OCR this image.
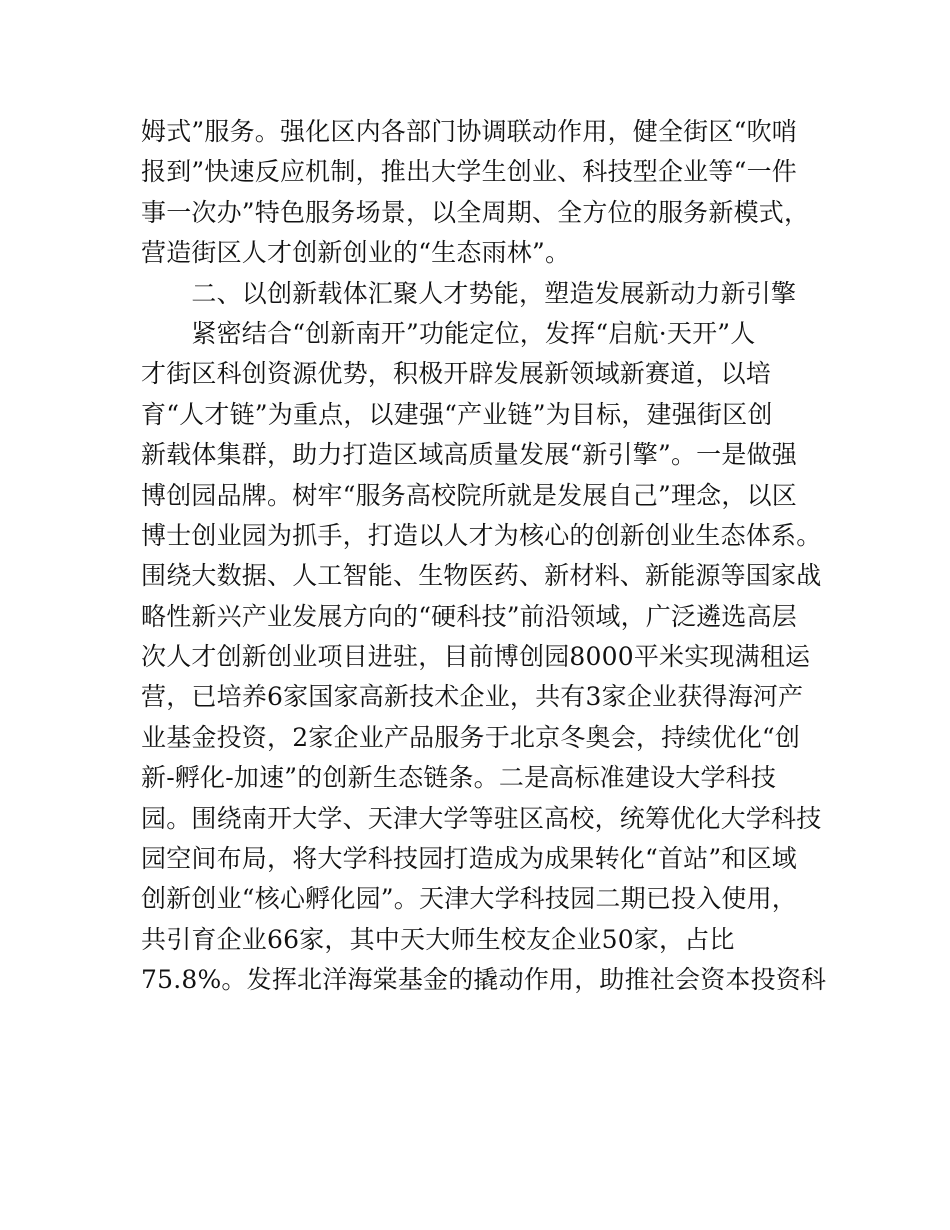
姆式”服务。强化区内各部门协调联动作用，健全街区“吹哨
报到”快速反应机制，推出大学生创业、科技型企业等“一件
事一次办”特色服务场景，以全周期、全方位的服务新模式，
营造街区人才创新创业的“生态雨林”。
　　二、以创新载体汇聚人才势能，塑造发展新动力新引擎
　　紧密结合“创新南开”功能定位，发挥“启航·天开”人
才街区科创资源优势，积极开辟发展新领域新赛道，以培
育“人才链”为重点，以建强“产业链”为目标，建强街区创
新载体集群，助力打造区域高质量发展“新引擎”。一是做强
博创园品牌。树牢“服务高校院所就是发展自己”理念，以区
博士创业园为抓手，打造以人才为核心的创新创业生态体系。
围绕大数据、人工智能、生物医药、新材料、新能源等国家战
略性新兴产业发展方向的“硬科技”前沿领域，广泛遴选高层
次人才创新创业项目进驻，目前博创园8000平米实现满租运
营，已培养6家国家高新技术企业，共有3家企业获得海河产
业基金投资，2家企业产品服务于北京冬奥会，持续优化“创
新-孵化-加速”的创新生态链条。二是高标准建设大学科技
园。围绕南开大学、天津大学等驻区高校，统筹优化大学科技
园空间布局，将大学科技园打造成为成果转化“首站”和区域
创新创业“核心孵化园”。天津大学科技园二期已投入使用，
共引育企业66家，其中天大师生校友企业50家，占比
75.8%。发挥北洋海棠基金的撬动作用，助推社会资本投资科
